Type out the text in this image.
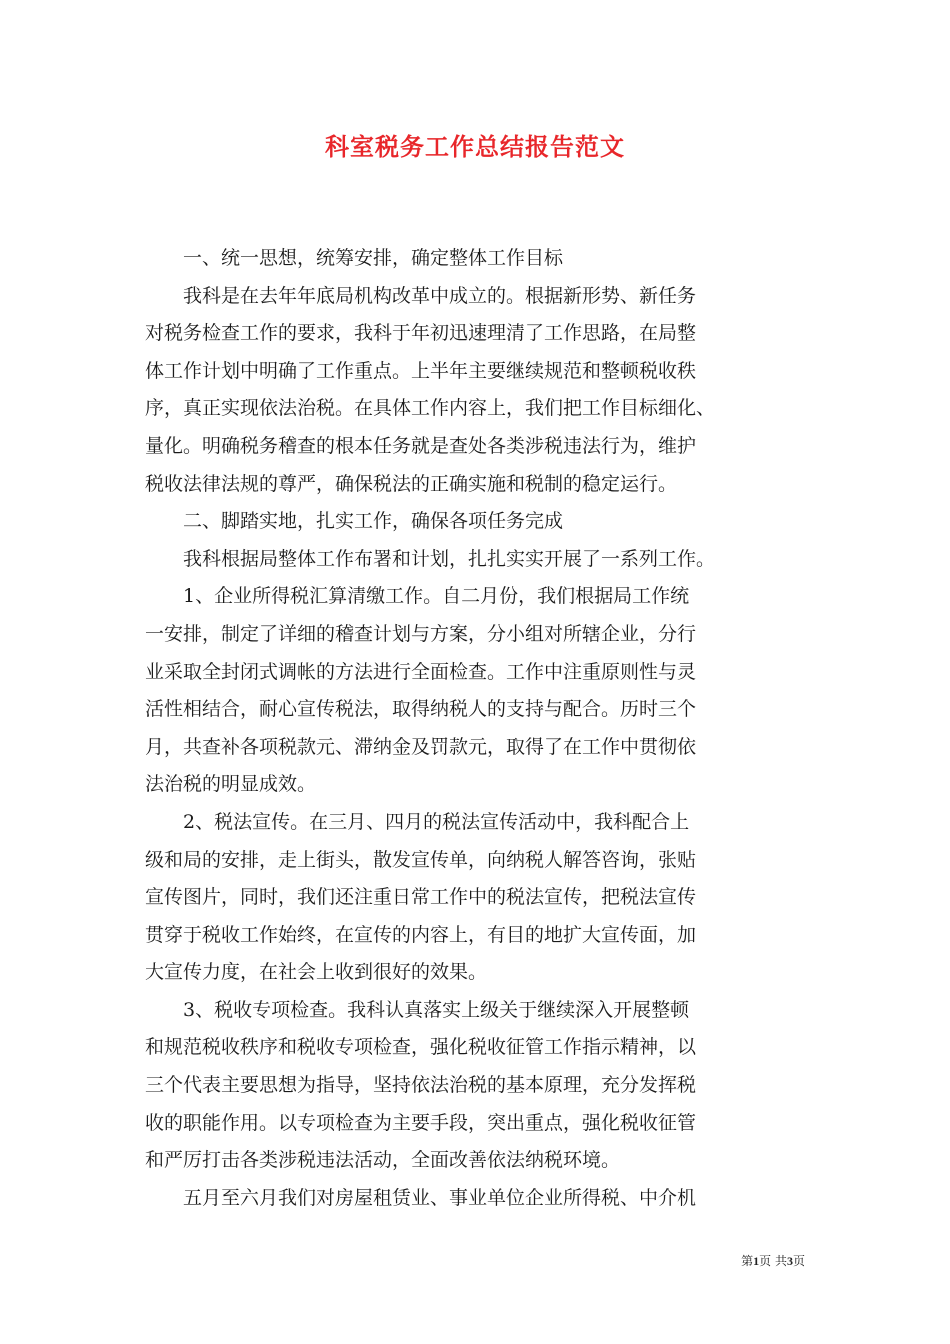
科室税务工作总结报告范文
　　一、统一思想，统筹安排，确定整体工作目标
　　我科是在去年年底局机构改革中成立的。根据新形势、新任务
对税务检查工作的要求，我科于年初迅速理清了工作思路，在局整
体工作计划中明确了工作重点。上半年主要继续规范和整顿税收秩
序，真正实现依法治税。在具体工作内容上，我们把工作目标细化、
量化。明确税务稽查的根本任务就是查处各类涉税违法行为，维护
税收法律法规的尊严，确保税法的正确实施和税制的稳定运行。
　　二、脚踏实地，扎实工作，确保各项任务完成
　　我科根据局整体工作布署和计划，扎扎实实开展了一系列工作。
　　1、企业所得税汇算清缴工作。自二月份，我们根据局工作统
一安排，制定了详细的稽查计划与方案，分小组对所辖企业，分行
业采取全封闭式调帐的方法进行全面检查。工作中注重原则性与灵
活性相结合，耐心宣传税法，取得纳税人的支持与配合。历时三个
月，共查补各项税款元、滞纳金及罚款元，取得了在工作中贯彻依
法治税的明显成效。
　　2、税法宣传。在三月、四月的税法宣传活动中，我科配合上
级和局的安排，走上街头，散发宣传单，向纳税人解答咨询，张贴
宣传图片，同时，我们还注重日常工作中的税法宣传，把税法宣传
贯穿于税收工作始终，在宣传的内容上，有目的地扩大宣传面，加
大宣传力度，在社会上收到很好的效果。
　　3、税收专项检查。我科认真落实上级关于继续深入开展整顿
和规范税收秩序和税收专项检查，强化税收征管工作指示精神，以
三个代表主要思想为指导，坚持依法治税的基本原理，充分发挥税
收的职能作用。以专项检查为主要手段，突出重点，强化税收征管
和严厉打击各类涉税违法活动，全面改善依法纳税环境。
　　五月至六月我们对房屋租赁业、事业单位企业所得税、中介机
第1页 共3页
